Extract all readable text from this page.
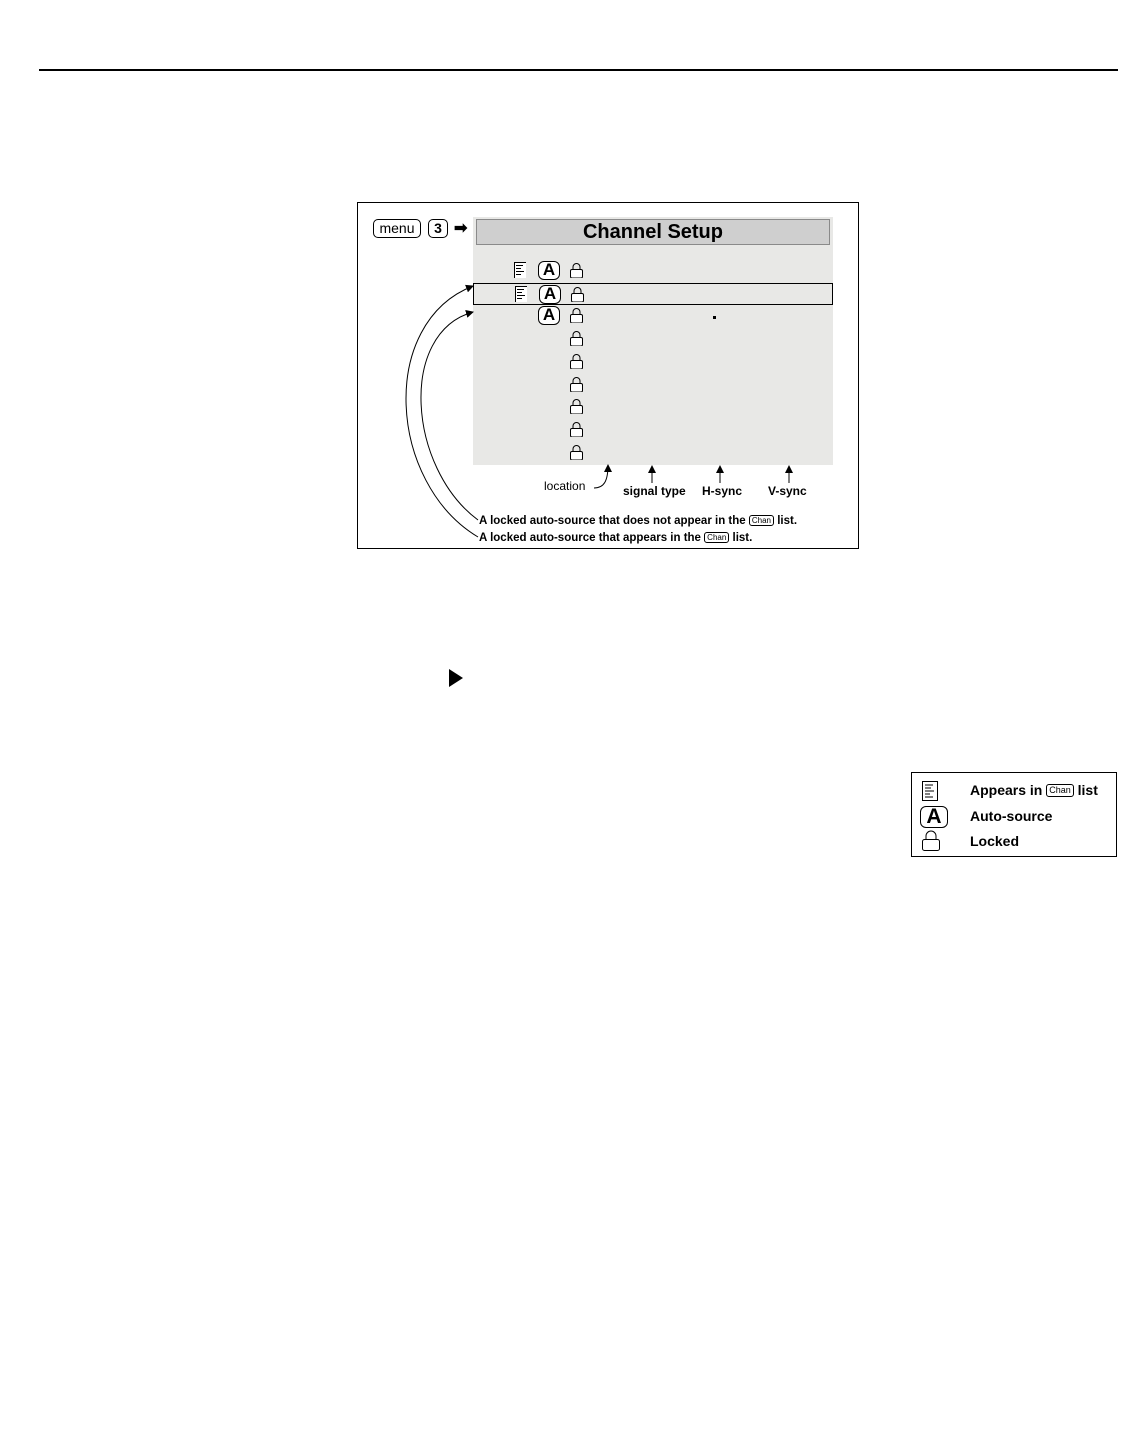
menu	3 ➡	Channel Setup
A
A
A
location	signal type H-sync V-sync
A locked auto-source that does not appear in the Chan list.
A locked auto-source that appears in the Chan list.
Appears in Chan list
A	Auto-source
Locked
